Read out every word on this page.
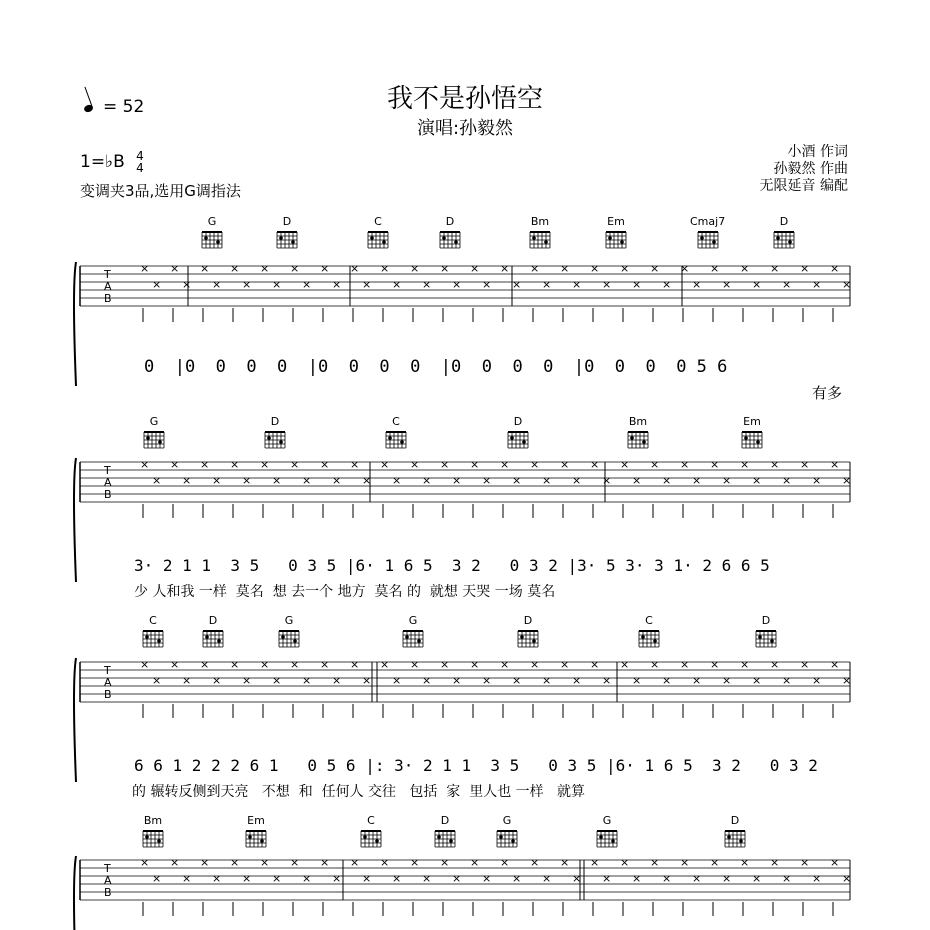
我不是孙悟空
演唱:孙毅然
= 52
1=♭B 4
4
变调夹3品,选用G调指法
小酒 作词
孙毅然 作曲
无限延音 编配
T
A
B
×
×
×
×
×
×
×
×
×
×
×
×
×
×
×
×
×
×
×
×
×
×
×
×
×
×
×
×
×
×
×
×
×
×
×
×
×
×
×
×
×
×
×
×
×
×
×
×
T
A
B
×
×
×
×
×
×
×
×
×
×
×
×
×
×
×
×
×
×
×
×
×
×
×
×
×
×
×
×
×
×
×
×
×
×
×
×
×
×
×
×
×
×
×
×
×
×
×
×
T
A
B
×
×
×
×
×
×
×
×
×
×
×
×
×
×
×
×
×
×
×
×
×
×
×
×
×
×
×
×
×
×
×
×
×
×
×
×
×
×
×
×
×
×
×
×
×
×
×
×
T
A
B
×
×
×
×
×
×
×
×
×
×
×
×
×
×
×
×
×
×
×
×
×
×
×
×
×
×
×
×
×
×
×
×
×
×
×
×
×
×
×
×
×
×
×
×
×
×
×
×
G	D	C	D	Bm	Em	Cmaj7	D
G	D	C	D	Bm	Em
C	D	G	G	D	C	D
Bm	Em	C	D	G	G	D
0  |0  0  0  0  |0  0  0  0  |0  0  0  0  |0  0  0  0 5 6
有多
3· 2 1 1  3 5   0 3 5 |6· 1 6 5  3 2   0 3 2 |3· 5 3· 3 1· 2 6 6 5
少 人和我 一样  莫名  想 去一个 地方  莫名 的  就想 天哭 一场 莫名
6 6 1 2 2 2 6 1   0 5 6 |: 3· 2 1 1  3 5   0 3 5 |6· 1 6 5  3 2   0 3 2
的 辗转反侧到天亮   不想  和  任何人 交往   包括  家  里人也 一样   就算
